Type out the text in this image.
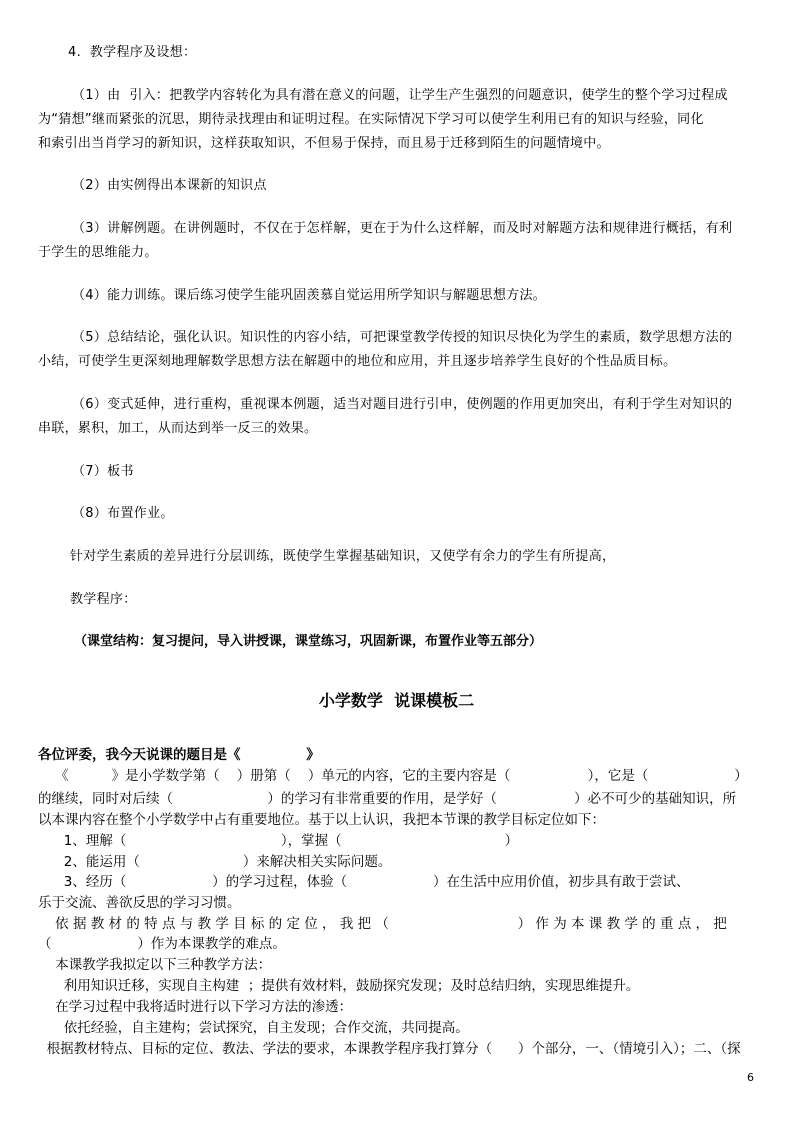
4.  教学程序及设想：
（1）由  引入：把教学内容转化为具有潜在意义的问题，让学生产生强烈的问题意识，使学生的整个学习过程成
为“猜想”继而紧张的沉思，期待录找理由和证明过程。在实际情况下学习可以使学生利用已有的知识与经验，同化
和索引出当肖学习的新知识，这样获取知识，不但易于保持，而且易于迁移到陌生的问题情境中。
（2）由实例得出本课新的知识点
（3）讲解例题。在讲例题时，不仅在于怎样解，更在于为什么这样解，而及时对解题方法和规律进行概括，有利
于学生的思维能力。
（4）能力训练。课后练习使学生能巩固羡慕自觉运用所学知识与解题思想方法。
（5）总结结论，强化认识。知识性的内容小结，可把课堂教学传授的知识尽快化为学生的素质，数学思想方法的
小结，可使学生更深刻地理解数学思想方法在解题中的地位和应用，并且逐步培养学生良好的个性品质目标。
（6）变式延伸，进行重构，重视课本例题，适当对题目进行引申，使例题的作用更加突出，有利于学生对知识的
串联，累积，加工，从而达到举一反三的效果。
（7）板书
（8）布置作业。
针对学生素质的差异进行分层训练，既使学生掌握基础知识，又使学有余力的学生有所提高，
教学程序：
（课堂结构：复习提问，导入讲授课，课堂练习，巩固新课，布置作业等五部分）
小学数学  说课模板二
各位评委，我今天说课的题目是《              》
《          》是小学数学第（    ）册第（    ）单元的内容，它的主要内容是（                  ），它是（                    ）
的继续，同时对后续（                      ）的学习有非常重要的作用，是学好（                  ）必不可少的基础知识，所
以本课内容在整个小学数学中占有重要地位。基于以上认识，我把本节课的教学目标定位如下：
1、理解（                                    ），掌握（                                      ）
2、能运用（                        ）来解决相关实际问题。
3、经历（                    ）的学习过程，体验（                    ）在生活中应用价值，初步具有敢于尝试、
乐于交流、善欲反思的学习习惯。
依 据 教 材 的 特 点 与 教 学 目 标 的 定 位 ， 我 把 （                              ） 作 为 本 课 教 学 的 重 点 ， 把
（                    ）作为本课教学的难点。
本课教学我拟定以下三种教学方法：
利用知识迁移，实现自主构建  ；提供有效材料，鼓励探究发现；及时总结归纳，实现思维提升。
在学习过程中我将适时进行以下学习方法的渗透：
依托经验，自主建构；尝试探究，自主发现；合作交流，共同提高。
根据教材特点、目标的定位、教法、学法的要求，本课教学程序我打算分（      ）个部分，一、（情境引入）；二、（探
6
